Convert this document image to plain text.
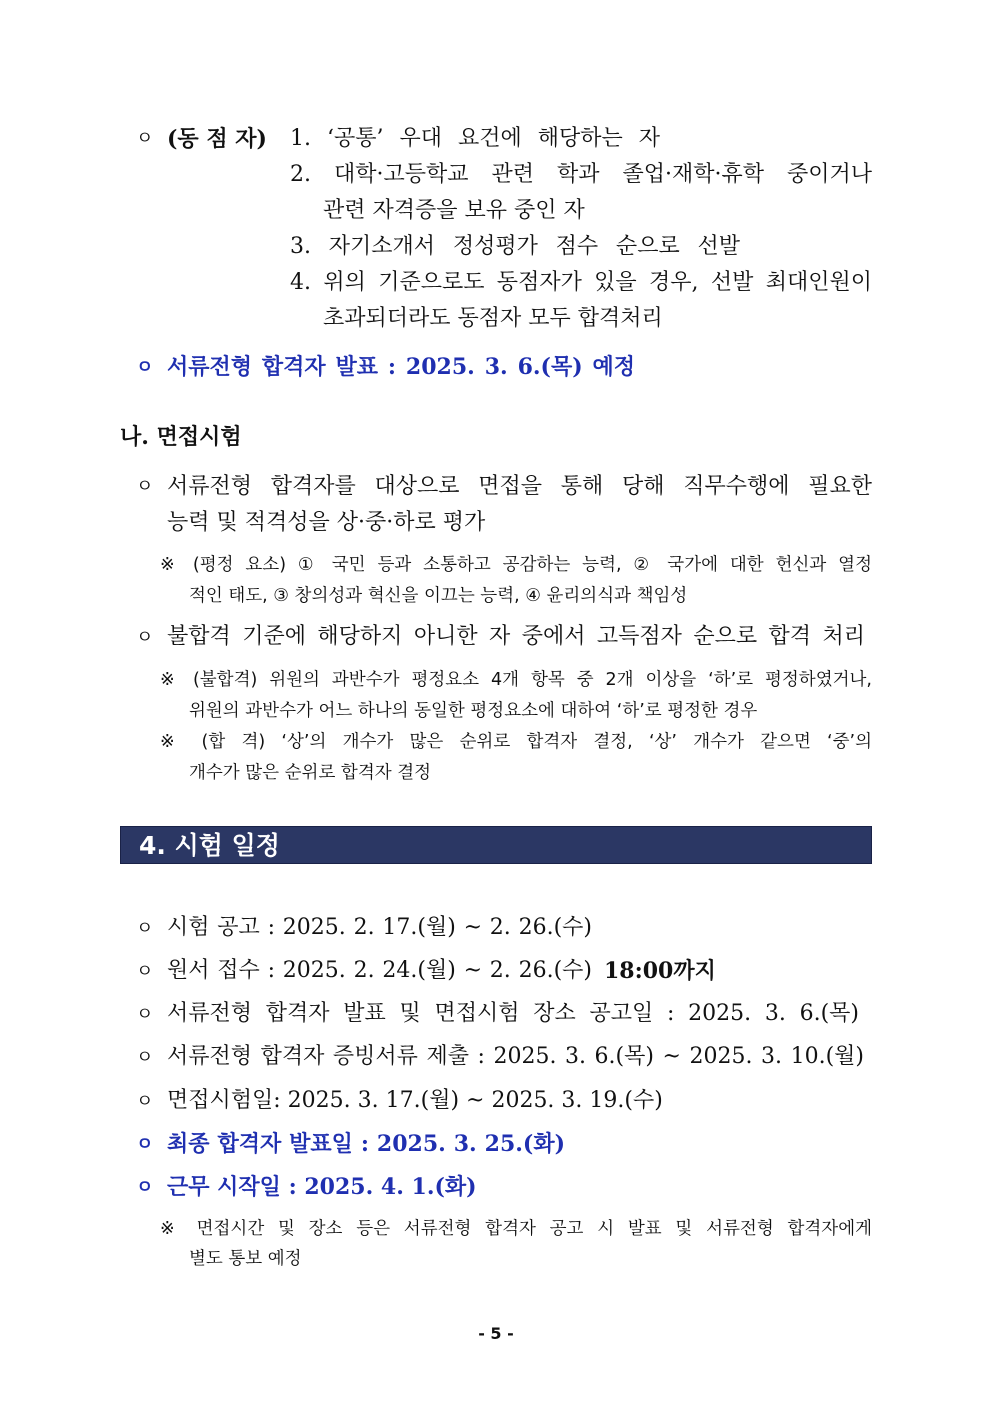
ㅇ (동 점 자) 1. ‘공통’ 우대 요건에 해당하는 자
2. 대학·고등학교 관련 학과 졸업·재학·휴학 중이거나
관련 자격증을 보유 중인 자
3. 자기소개서 정성평가 점수 순으로 선발
4. 위의 기준으로도 동점자가 있을 경우, 선발 최대인원이
초과되더라도 동점자 모두 합격처리
ㅇ 서류전형 합격자 발표 : 2025. 3. 6.(목) 예정
나. 면접시험
ㅇ 서류전형 합격자를 대상으로 면접을 통해 당해 직무수행에 필요한
능력 및 적격성을 상·중·하로 평가
※ (평정 요소) ① 국민 등과 소통하고 공감하는 능력, ② 국가에 대한 헌신과 열정
적인 태도, ③ 창의성과 혁신을 이끄는 능력, ④ 윤리의식과 책임성
ㅇ 불합격 기준에 해당하지 아니한 자 중에서 고득점자 순으로 합격 처리
※ (불합격) 위원의 과반수가 평정요소 4개 항목 중 2개 이상을 ‘하’로 평정하였거나,
위원의 과반수가 어느 하나의 동일한 평정요소에 대하여 ‘하’로 평정한 경우
※ (합 격) ‘상’의 개수가 많은 순위로 합격자 결정, ‘상’ 개수가 같으면 ‘중’의
개수가 많은 순위로 합격자 결정
4. 시험 일정
ㅇ 시험 공고 : 2025. 2. 17.(월) ~ 2. 26.(수)
ㅇ 원서 접수 : 2025. 2. 24.(월) ~ 2. 26.(수) 18:00까지
ㅇ 서류전형 합격자 발표 및 면접시험 장소 공고일 : 2025. 3. 6.(목)
ㅇ 서류전형 합격자 증빙서류 제출 : 2025. 3. 6.(목) ~ 2025. 3. 10.(월)
ㅇ 면접시험일: 2025. 3. 17.(월) ~ 2025. 3. 19.(수)
ㅇ 최종 합격자 발표일 : 2025. 3. 25.(화)
ㅇ 근무 시작일 : 2025. 4. 1.(화)
※ 면접시간 및 장소 등은 서류전형 합격자 공고 시 발표 및 서류전형 합격자에게
별도 통보 예정
- 5 -
